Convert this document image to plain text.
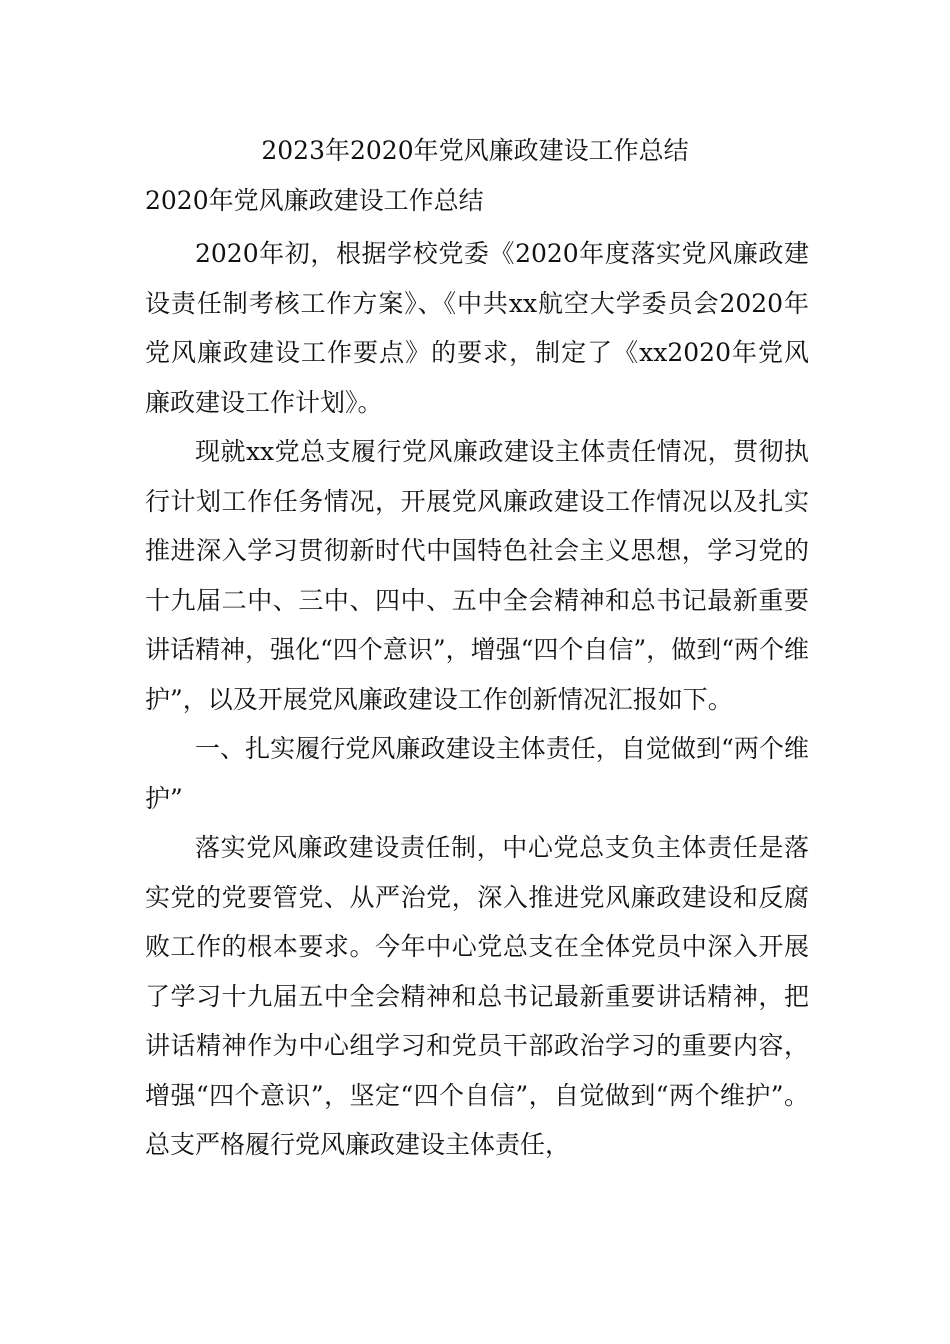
2023年2020年党风廉政建设工作总结
2020年党风廉政建设工作总结

2020年初，根据学校党委《2020年度落实党风廉政建设责任制考核工作方案》、《中共xx航空大学委员会2020年党风廉政建设工作要点》的要求，制定了《xx2020年党风廉政建设工作计划》。

现就xx党总支履行党风廉政建设主体责任情况，贯彻执行计划工作任务情况，开展党风廉政建设工作情况以及扎实推进深入学习贯彻新时代中国特色社会主义思想，学习党的十九届二中、三中、四中、五中全会精神和总书记最新重要讲话精神，强化“四个意识”，增强“四个自信”，做到“两个维护”，以及开展党风廉政建设工作创新情况汇报如下。

一、扎实履行党风廉政建设主体责任，自觉做到“两个维护”

落实党风廉政建设责任制，中心党总支负主体责任是落实党的党要管党、从严治党，深入推进党风廉政建设和反腐败工作的根本要求。今年中心党总支在全体党员中深入开展了学习十九届五中全会精神和总书记最新重要讲话精神，把讲话精神作为中心组学习和党员干部政治学习的重要内容，增强“四个意识”，坚定“四个自信”，自觉做到“两个维护”。总支严格履行党风廉政建设主体责任，
